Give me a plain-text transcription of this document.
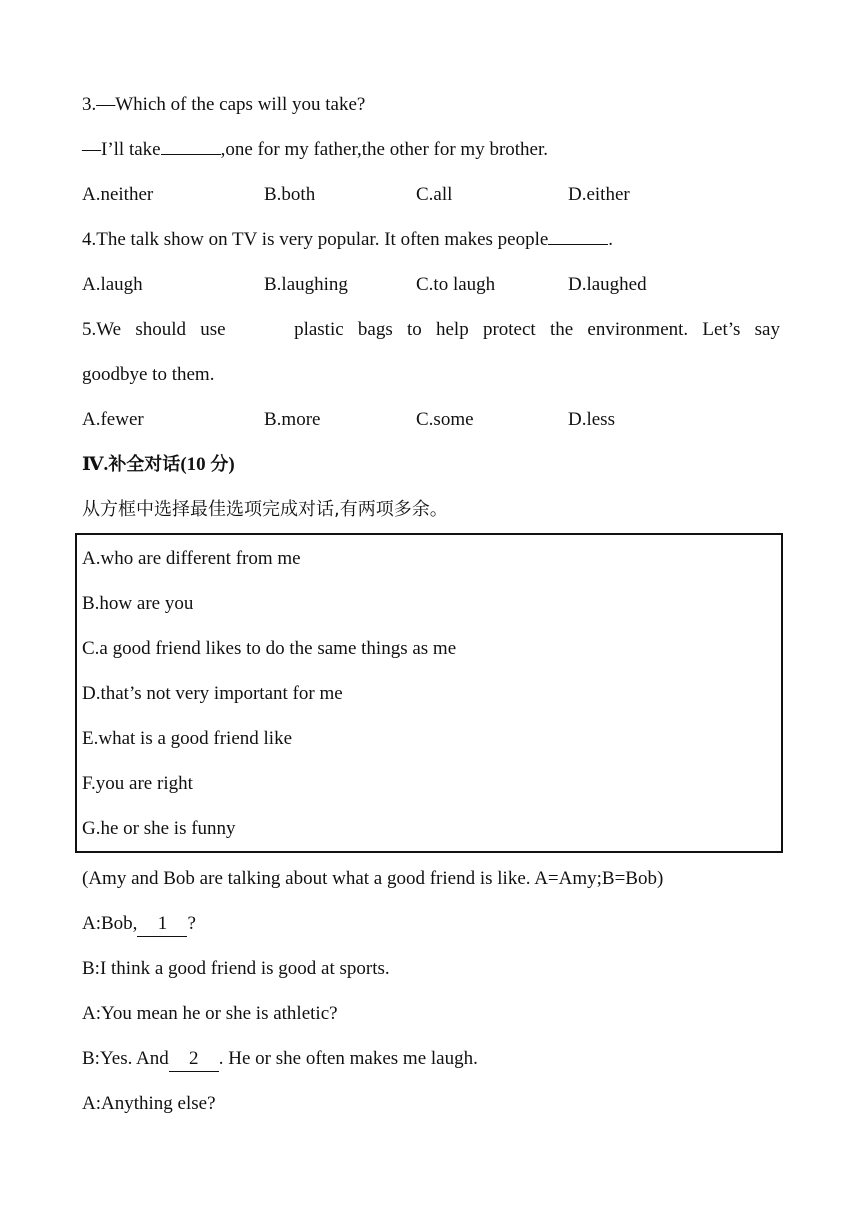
3.—Which of the caps will you take?
—I’ll take	,one for my father,the other for my brother.
A.neither	B.both	C.all	D.either
4.The talk show on TV is very popular. It often makes people	.
A.laugh	B.laughing	C.to laugh	D.laughed
5.We should use	plastic bags to help protect the environment. Let’s say
goodbye to them.
A.fewer	B.more	C.some	D.less
Ⅳ.补全对话(10 分)
从方框中选择最佳选项完成对话,有两项多余。
A.who are different from me
B.how are you
C.a good friend likes to do the same things as me
D.that’s not very important for me
E.what is a good friend like
F.you are right
G.he or she is funny
(Amy and Bob are talking about what a good friend is like. A=Amy;B=Bob)
A:Bob, 1 ?
B:I think a good friend is good at sports.
A:You mean he or she is athletic?
B:Yes. And 2 . He or she often makes me laugh.
A:Anything else?
